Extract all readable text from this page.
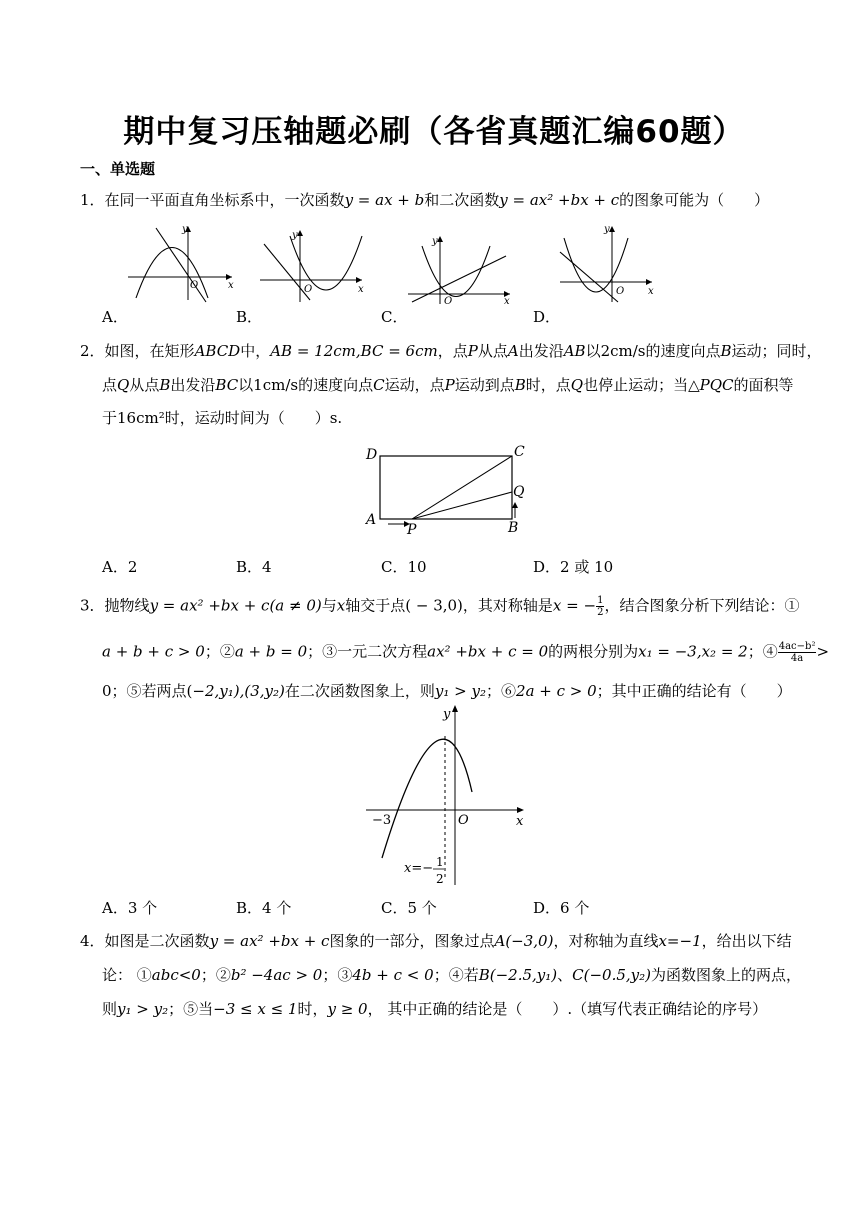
期中复习压轴题必刷（各省真题汇编60题）
一、单选题
1．在同一平面直角坐标系中，一次函数y = ax + b和二次函数y = ax² +bx + c的图象可能为（　　）
x
y
O	x
y
O
x
y
O
x
y
O
A．	B．	C．	D．
2．如图，在矩形ABCD中，AB = 12cm,BC = 6cm，点P从点A出发沿AB以2cm/s的速度向点B运动；同时，
点Q从点B出发沿BC以1cm/s的速度向点C运动，点P运动到点B时，点Q也停止运动；当△PQC的面积等
于16cm²时，运动时间为（　　）s.
D	C
A	B
P
Q
A．2	B．4	C．10	D．2 或 10
3．抛物线y = ax² +bx + c(a ≠ 0)与x轴交于点( − 3,0)，其对称轴是x = − $\frac{1}{2}$ ，结合图象分析下列结论：①
a + b + c > 0；②a + b = 0；③一元二次方程ax² +bx + c = 0的两根分别为x₁ = −3,x₂ = 2；④ $\frac{\text{4ac−b²}}{4a}$ >
0；⑤若两点(−2,y₁),(3,y₂)在二次函数图象上，则y₁ > y₂；⑥2a + c > 0；其中正确的结论有（　　）
x
y
O
−3
x=− 1
2
A．3 个	B．4 个	C．5 个	D．6 个
4．如图是二次函数y = ax² +bx + c图象的一部分，图象过点A(−3,0)，对称轴为直线x=−1，给出以下结
论： ①abc<0；②b² −4ac > 0；③4b + c < 0；④若B(−2.5,y₁)、C(−0.5,y₂)为函数图象上的两点，
则y₁ > y₂；⑤当−3 ≤ x ≤ 1时，y ≥ 0， 其中正确的结论是（　　）.（填写代表正确结论的序号）
